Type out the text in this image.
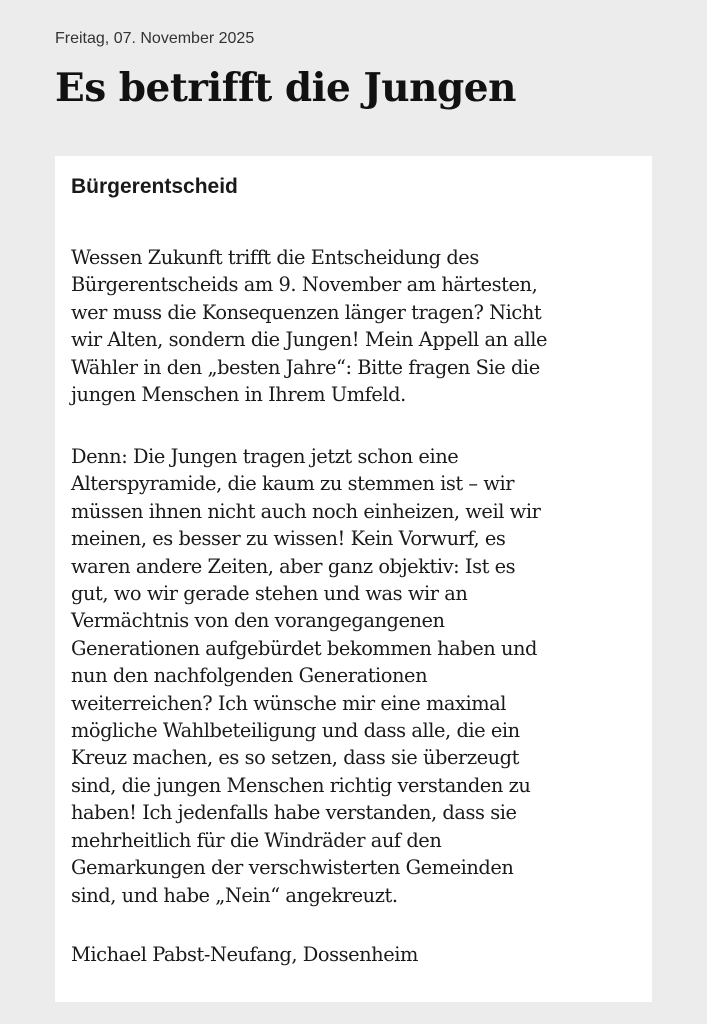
Freitag, 07. November 2025
Es betrifft die Jungen
Bürgerentscheid

Wessen Zukunft trifft die Entscheidung des
Bürgerentscheids am 9. November am härtesten,
wer muss die Konsequenzen länger tragen? Nicht
wir Alten, sondern die Jungen! Mein Appell an alle
Wähler in den „besten Jahre“: Bitte fragen Sie die
jungen Menschen in Ihrem Umfeld.

Denn: Die Jungen tragen jetzt schon eine
Alterspyramide, die kaum zu stemmen ist – wir
müssen ihnen nicht auch noch einheizen, weil wir
meinen, es besser zu wissen! Kein Vorwurf, es
waren andere Zeiten, aber ganz objektiv: Ist es
gut, wo wir gerade stehen und was wir an
Vermächtnis von den vorangegangenen
Generationen aufgebürdet bekommen haben und
nun den nachfolgenden Generationen
weiterreichen? Ich wünsche mir eine maximal
mögliche Wahlbeteiligung und dass alle, die ein
Kreuz machen, es so setzen, dass sie überzeugt
sind, die jungen Menschen richtig verstanden zu
haben! Ich jedenfalls habe verstanden, dass sie
mehrheitlich für die Windräder auf den
Gemarkungen der verschwisterten Gemeinden
sind, und habe „Nein“ angekreuzt.

Michael Pabst-Neufang, Dossenheim
